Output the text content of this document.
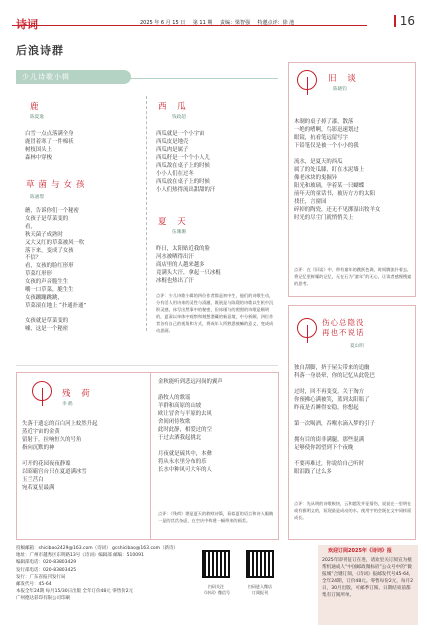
诗词	2025 年 6 月 15 日 第 11 期 责编：梁智强 特邀点评：徐 池	16
后浪诗群
少儿诗歌小辑
鹿
陈夏逸
白雪一点点落满全身
鹿冒着寒了一件棉袄
树枝国头上
森林中穿梭
草菌与女孩
陈涵璟
蘑，告诉你们一个秘密
女孩子是草菜变的
看，
秋天菌子成熟时
又大又红的草菜被风一吹
落下来，变成了女孩
不信？
看，女孩的脸红形形
草菜红形形
女孩的声音脆生生
嚼一口草菜，脆生生
女孩蹦蹦跳跳，
草菜滚在地上 “扑通扑通”
女孩就是草菜变的
嘘，这是一个秘密
西 瓜
钱政超
西瓜就是一个小宇宙
西瓜皮是地壳
西瓜肉是属子
西瓜籽是一个个小人儿
西瓜敌在桌子上的时候
小小人们在过冬
西瓜放在桌子上的时候
小人们热得流出甜甜的汗
夏 天
伍珊珊
昨日，太阳贴近我的脸
河水被晒得出汗
商店里的人越来越多
竟满头大汗，拿起一只冰棍
冰棍也热出了汗
点评：少儿诗歌小辑的四位作者都是初中生，他们的诗歌生动，分有活人用诗来的灵性与清澈，既展是与陈璟的诗歌以生机中沉积灵感，冰写出然事中的秘密，但冰瑾与的照照的诗歌是顺明的，夏肃以单体中观察和刻想潜藏的新意境，中分析颇，四位作者各有自己的视角和方式，将成年人所熟悉被嘛的意义，变成成动思画。
残 荷
李 鹤
失落于遗忘的百白河上蚊然升起
蒸近宇宙的金黄
留射于，拉响恒久的号角
指向沉默的神
可开的花园夜夜静谧
以昭霸宫台只在夏道满冰雪
玉兰莒白
宛若夏星最满
金秋能听到悲远河岗的翼声
游牧人的歌谣
羊群和高原的山坡
欧让冒舍与平原的去风
舍间闭侍牧歌
此时此静，相爱过的空
于过去洒我起挑北
月夜就是硫其中，本彝
将从永水里分布的乐
长水中种风可大年的人
点评：《残荷》堪是夏天的救赎诗篇，看似夏的语言和诗人眼睛一是的莒莒杂虑，在空庆中构建一幅带来的画美。
旧 谈
陈晓钧
木制的桌子掉了漆，散落
一绝的嗜啊，鸟影迅速划过
眼镜，抗看笔远留写字
下铅笔仅是被一个小小的我
流水，是夏天的西瓜
属了的处瓜膝，盯在水泥墙上
像老冰块的鬼掘异
阳光和玻璃，孕着某一只蝴蝶
前年天的童话书，被历方方的太阳
找任，言窗园
碎掉的陶瓷，还无不见掷湿出牧羊女
时光的尽尘门就悄悄关上
点评：在《旧谈》中，带有童年的跳跃色调，时间腾流扑着去，将记忆里鲜耀的记忆，无在石为“童年”的无心，让读者感慢搜索的思考。
伤心总隐没
再也不说话
夏山明
独自刮脚，挤于屋尖带来的追幽
科落一身晨晕，你的记忆从此乾巴
过时，回不再变变。关于淘方
你预拂心满被笑，蓝到太阳瓶了
昨夜是否睡得安稳，你想起
第一次喝酒，吞喉水滴入梦的引子
拥有目的街非满腿，那些混满
足够使你渴望到下个夜晚
不要再难过，你说给自己听时
眼泪践了过么多
点评：先从明的诗歌极快，云和越发并征情伤，说说在一里明在或有雅明义的，短现最是成动的水。使用字的会既在文中同样面成长。
投稿邮箱：shicibao2429@163.com（诗词） gcshicibao@163.com（新诗）
地址：广州市越秀区东明路13号《诗词》编辑部 邮编：510091
编辑部电话：020-83803429
发行部电话：020-83803425
发行：广东省报刊发行局
邮发代号：45-64
本报全年24期 每月15/30日出版 全年订价48元 零售价2元
广州德达彩印有限公司印刷
扫码关注
《诗词》微信号
扫码进入微店
订阅报刊
欢迎订阅2025年《诗词》报
2025年即刊征订在进，请欢里关订阅宣为植帮机通成人“中国邮政微标府”公众号中的“微报城”合键订阅，《诗词》报邮发代号45-64，全年24期，订价48元。零售每份2元，每月2日，30月出版，可邮季订阅、日期结束前都集有订阅所单。
